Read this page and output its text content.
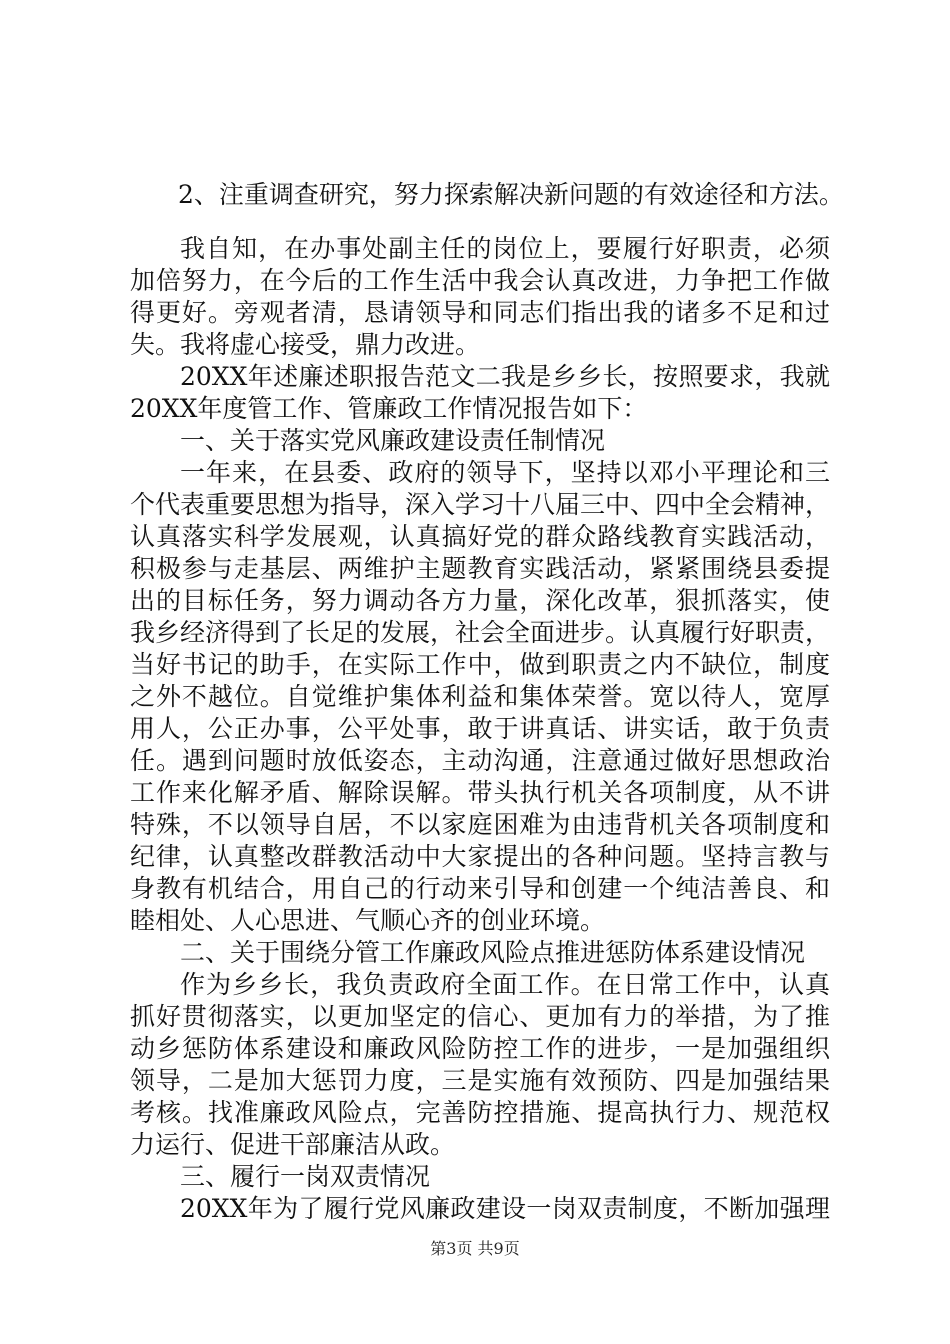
2、注重调查研究，努力探索解决新问题的有效途径和方法。
我自知，在办事处副主任的岗位上，要履行好职责，必须
加倍努力，在今后的工作生活中我会认真改进，力争把工作做
得更好。旁观者清，恳请领导和同志们指出我的诸多不足和过
失。我将虚心接受，鼎力改进。
20XX年述廉述职报告范文二我是乡乡长，按照要求，我就
20XX年度管工作、管廉政工作情况报告如下：
一、关于落实党风廉政建设责任制情况
一年来，在县委、政府的领导下，坚持以邓小平理论和三
个代表重要思想为指导，深入学习十八届三中、四中全会精神，
认真落实科学发展观，认真搞好党的群众路线教育实践活动，
积极参与走基层、两维护主题教育实践活动，紧紧围绕县委提
出的目标任务，努力调动各方力量，深化改革，狠抓落实，使
我乡经济得到了长足的发展，社会全面进步。认真履行好职责，
当好书记的助手，在实际工作中，做到职责之内不缺位，制度
之外不越位。自觉维护集体利益和集体荣誉。宽以待人，宽厚
用人，公正办事，公平处事，敢于讲真话、讲实话，敢于负责
任。遇到问题时放低姿态，主动沟通，注意通过做好思想政治
工作来化解矛盾、解除误解。带头执行机关各项制度，从不讲
特殊，不以领导自居，不以家庭困难为由违背机关各项制度和
纪律，认真整改群教活动中大家提出的各种问题。坚持言教与
身教有机结合，用自己的行动来引导和创建一个纯洁善良、和
睦相处、人心思进、气顺心齐的创业环境。
二、关于围绕分管工作廉政风险点推进惩防体系建设情况
作为乡乡长，我负责政府全面工作。在日常工作中，认真
抓好贯彻落实，以更加坚定的信心、更加有力的举措，为了推
动乡惩防体系建设和廉政风险防控工作的进步，一是加强组织
领导，二是加大惩罚力度，三是实施有效预防、四是加强结果
考核。找准廉政风险点，完善防控措施、提高执行力、规范权
力运行、促进干部廉洁从政。
三、履行一岗双责情况
20XX年为了履行党风廉政建设一岗双责制度，不断加强理
第3页 共9页
